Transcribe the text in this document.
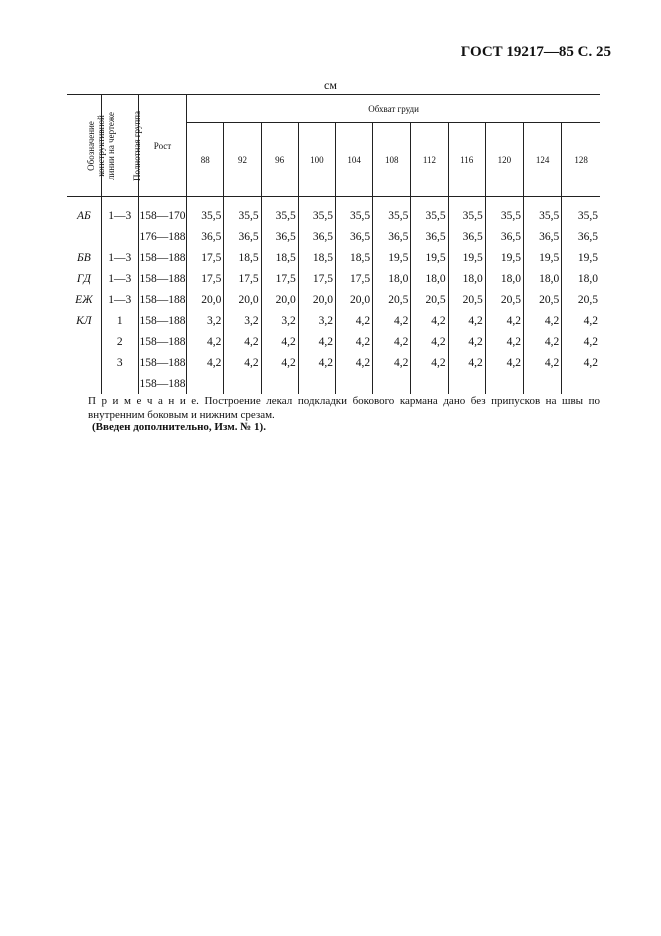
ГОСТ 19217—85 С. 25
см
Обозначение конструктивной линии на чертеже	Полнотная группа	Рост	Обхват груди										
			88	92	96	100	104	108	112	116	120	124	128
АБ	1—3	158—170	35,5	35,5	35,5	35,5	35,5	35,5	35,5	35,5	35,5	35,5	35,5
		176—188	36,5	36,5	36,5	36,5	36,5	36,5	36,5	36,5	36,5	36,5	36,5
БВ	1—3	158—188	17,5	18,5	18,5	18,5	18,5	19,5	19,5	19,5	19,5	19,5	19,5
ГД	1—3	158—188	17,5	17,5	17,5	17,5	17,5	18,0	18,0	18,0	18,0	18,0	18,0
ЕЖ	1—3	158—188	20,0	20,0	20,0	20,0	20,0	20,5	20,5	20,5	20,5	20,5	20,5
КЛ	1	158—188	3,2	3,2	3,2	3,2	4,2	4,2	4,2	4,2	4,2	4,2	4,2
	2	158—188	4,2	4,2	4,2	4,2	4,2	4,2	4,2	4,2	4,2	4,2	4,2
	3	158—188	4,2	4,2	4,2	4,2	4,2	4,2	4,2	4,2	4,2	4,2	4,2
		158—188											
П р и м е ч а н и е. Построение лекал подкладки бокового кармана дано без припусков на швы по внутренним боковым и нижним срезам.
(Введен дополнительно, Изм. № 1).
